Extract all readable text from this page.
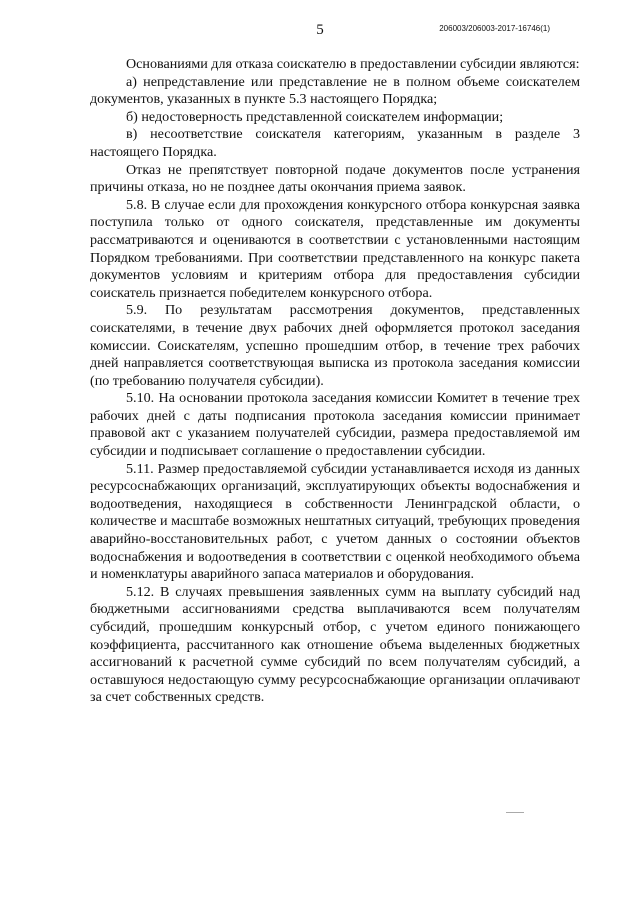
5	206003/206003-2017-16746(1)

Основаниями для отказа соискателю в предоставлении субсидии являются:

а) непредставление или представление не в полном объеме соискателем документов, указанных в пункте 5.3 настоящего Порядка;

б) недостоверность представленной соискателем информации;

в) несоответствие соискателя категориям, указанным в разделе 3 настоящего Порядка.

Отказ не препятствует повторной подаче документов после устранения причины отказа, но не позднее даты окончания приема заявок.

5.8. В случае если для прохождения конкурсного отбора конкурсная заявка поступила только от одного соискателя, представленные им документы рассматриваются и оцениваются в соответствии с установленными настоящим Порядком требованиями. При соответствии представленного на конкурс пакета документов условиям и критериям отбора для предоставления субсидии соискатель признается победителем конкурсного отбора.

5.9. По результатам рассмотрения документов, представленных соискателями, в течение двух рабочих дней оформляется протокол заседания комиссии. Соискателям, успешно прошедшим отбор, в течение трех рабочих дней направляется соответствующая выписка из протокола заседания комиссии (по требованию получателя субсидии).

5.10. На основании протокола заседания комиссии Комитет в течение трех рабочих дней с даты подписания протокола заседания комиссии принимает правовой акт с указанием получателей субсидии, размера предоставляемой им субсидии и подписывает соглашение о предоставлении субсидии.

5.11. Размер предоставляемой субсидии устанавливается исходя из данных ресурсоснабжающих организаций, эксплуатирующих объекты водоснабжения и водоотведения, находящиеся в собственности Ленинградской области, о количестве и масштабе возможных нештатных ситуаций, требующих проведения аварийно-восстановительных работ, с учетом данных о состоянии объектов водоснабжения и водоотведения в соответствии с оценкой необходимого объема и номенклатуры аварийного запаса материалов и оборудования.

5.12. В случаях превышения заявленных сумм на выплату субсидий над бюджетными ассигнованиями средства выплачиваются всем получателям субсидий, прошедшим конкурсный отбор, с учетом единого понижающего коэффициента, рассчитанного как отношение объема выделенных бюджетных ассигнований к расчетной сумме субсидий по всем получателям субсидий, а оставшуюся недостающую сумму ресурсоснабжающие организации оплачивают за счет собственных средств.
